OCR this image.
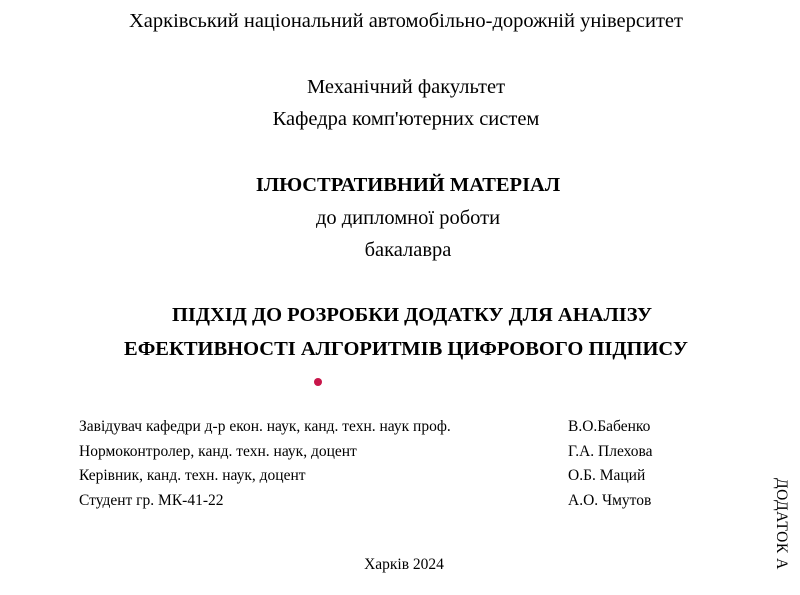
Харківський національний автомобільно-дорожній університет
Механічний факультет
Кафедра комп'ютерних систем
ІЛЮСТРАТИВНИЙ МАТЕРІАЛ
до дипломної роботи
бакалавра
ПІДХІД ДО РОЗРОБКИ ДОДАТКУ ДЛЯ АНАЛІЗУ
ЕФЕКТИВНОСТІ АЛГОРИТМІВ ЦИФРОВОГО ПІДПИСУ
Завідувач кафедри д-р екон. наук, канд. техн. наук проф.	В.О.Бабенко
Нормоконтролер, канд. техн. наук, доцент	Г.А. Плехова
Керівник, канд. техн. наук, доцент	О.Б. Маций
Студент гр. МК-41-22	А.О. Чмутов
Харків 2024	ДОДАТОК А
